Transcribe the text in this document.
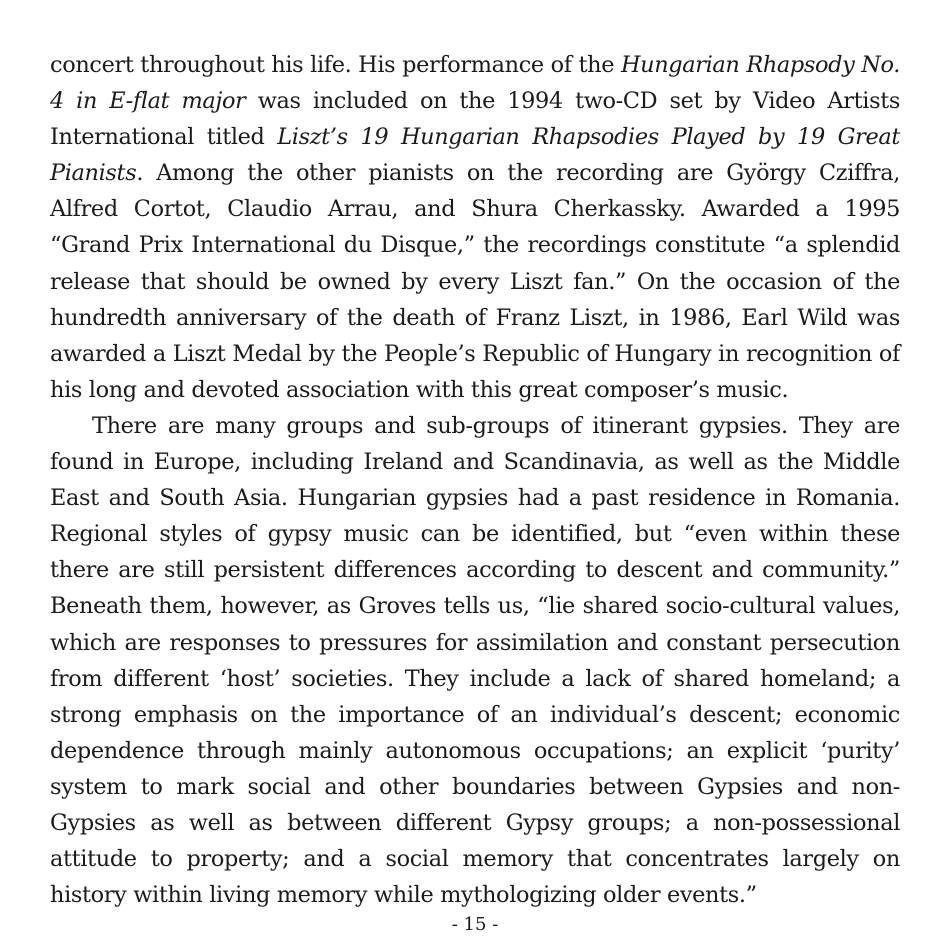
concert throughout his life. His performance of the Hungarian Rhapsody No. 4 in E-flat major was included on the 1994 two-CD set by Video Artists International titled Liszt’s 19 Hungarian Rhapsodies Played by 19 Great Pianists. Among the other pianists on the recording are György Cziffra, Alfred Cortot, Claudio Arrau, and Shura Cherkassky. Awarded a 1995 “Grand Prix International du Disque,” the recordings constitute “a splendid release that should be owned by every Liszt fan.” On the occasion of the hundredth anniversary of the death of Franz Liszt, in 1986, Earl Wild was awarded a Liszt Medal by the People’s Republic of Hungary in recognition of his long and devoted association with this great composer’s music.

There are many groups and sub-groups of itinerant gypsies. They are found in Europe, including Ireland and Scandinavia, as well as the Middle East and South Asia. Hungarian gypsies had a past residence in Romania. Regional styles of gypsy music can be identified, but “even within these there are still persistent differences according to descent and community.” Beneath them, however, as Groves tells us, “lie shared socio-cultural values, which are responses to pressures for assimilation and constant persecution from different ‘host’ societies. They include a lack of shared homeland; a strong emphasis on the importance of an individual’s descent; economic dependence through mainly autonomous occupations; an explicit ‘purity’ system to mark social and other boundaries between Gypsies and non-Gypsies as well as between different Gypsy groups; a non-possessional attitude to property; and a social memory that concentrates largely on history within living memory while mythologizing older events.”

- 15 -
